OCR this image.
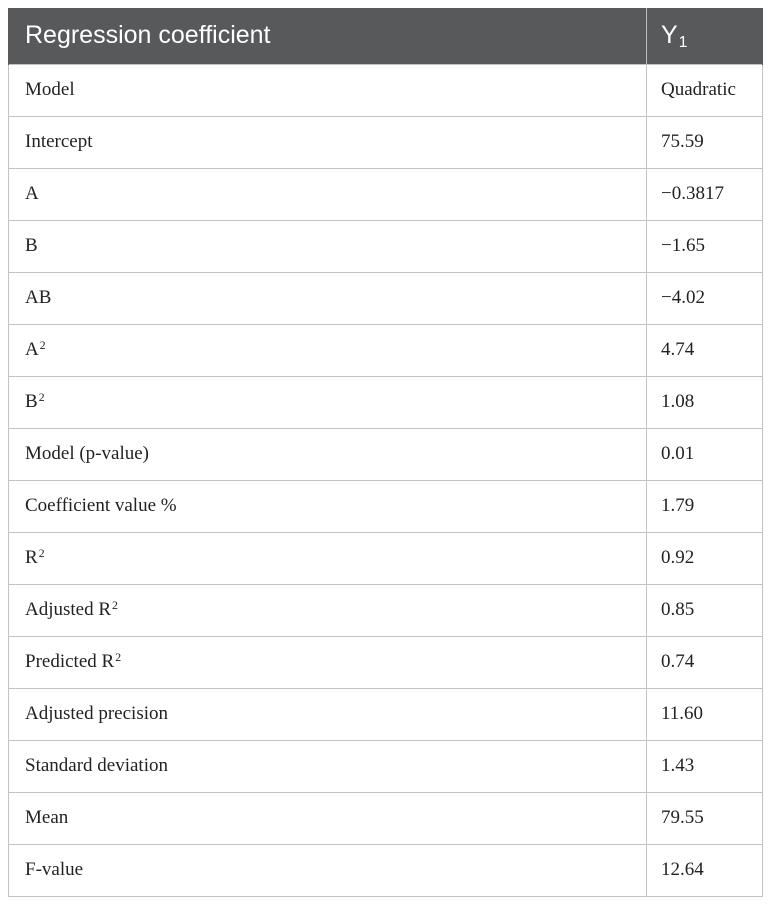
Regression coefficient	$Y_1$
Model	Quadratic
Intercept	75.59
A	−0.3817
B	−1.65
AB	−4.02
$A^2$	4.74
$B^2$	1.08
Model (p-value)	0.01
Coefficient value %	1.79
$R^2$	0.92
Adjusted $R^2$	0.85
Predicted $R^2$	0.74
Adjusted precision	11.60
Standard deviation	1.43
Mean	79.55
F-value	12.64
